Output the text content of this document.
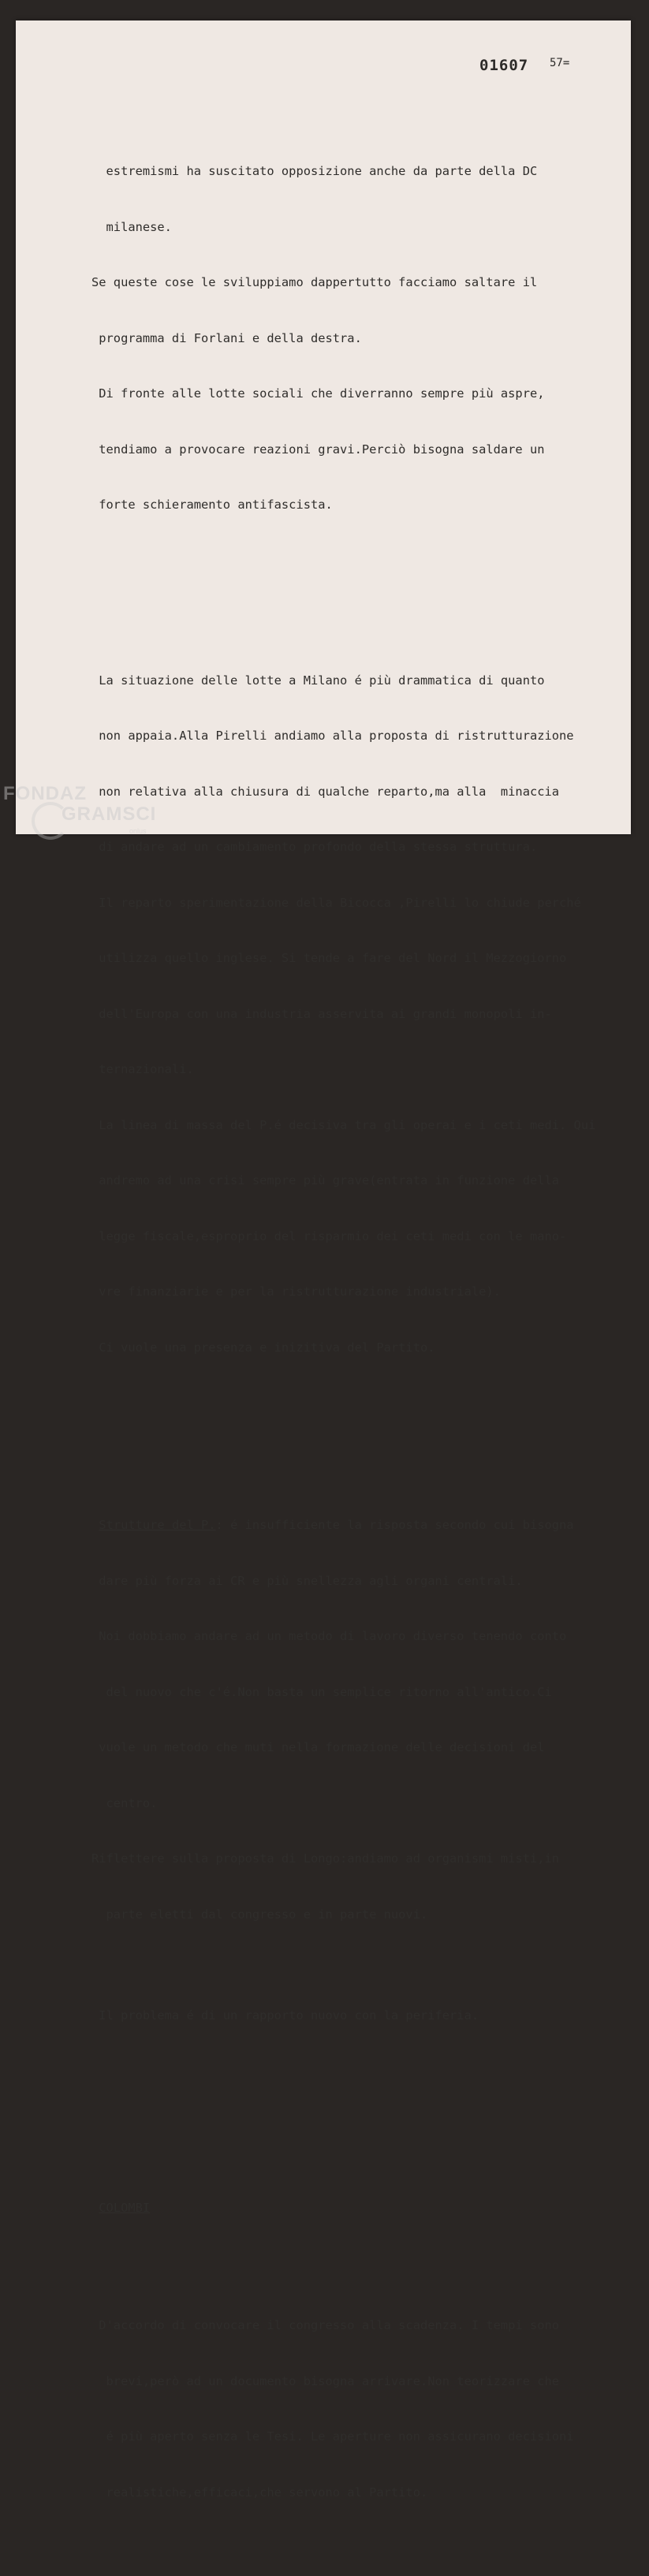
01607 57=

estremismi ha suscitato opposizione anche da parte della DC

milanese.

Se queste cose le sviluppiamo dappertutto facciamo saltare il

programma di Forlani e della destra.

Di fronte alle lotte sociali che diverranno sempre più aspre,

tendiamo a provocare reazioni gravi.Perciò bisogna saldare un

forte schieramento antifascista.

La situazione delle lotte a Milano é più drammatica di quanto

non appaia.Alla Pirelli andiamo alla proposta di ristrutturazione

non relativa alla chiusura di qualche reparto,ma alla  minaccia

di andare ad un cambiamento profondo della stessa struttura.

Il reparto sperimentazione della Bicocca ,Pirelli lo chiude perché

utilizza quello inglese. Si tende a fare del Nord il Mezzogiorno

dell'Europa con una industria asservita ai grandi monopoli in-

ternazionali.

La linea di massa del P.é decisiva tra gli operai e i ceti medi. Qui

andremo ad una crisi sempre più grave(entrata in funzione della

legge fiscale,esproprio del risparmio dei ceti medi con le mano-

vre finanziarie e per la ristrutturazione industriale).

Ci vuole una presenza e inizitiva del Partito.

Strutture del P.: é insufficiente la risposta secondo cui bisogna

dare più forza ai CR e più snellezza agli organi centrali.

Noi dobbiamo andare ad un metodo di lavoro diverso tenendo conto

del nuovo che c'é.Non basta un semplice ritorno all'antico.Ci

vuole un metodo che muti nella formazione delle decisioni del

centro.

Riflettere sulla proposta di Longo:andiamo ad organismi misti,in

parte eletti dal congresso e in parte nuovi.

Il problema é di un rapporto nuovo con la periferia.

COLOMBI

D'accordo di convocare il congresso alla scadenza. I tempi sono

brevi,però ad un documento bisogna arrivare.Non teorizzare che

é più aperto senza le Tesi. Le aperture non assicurano decisioni

realistiche,efficaci,che servono al Partito.

FONDAZ
GRAMSCI
onlus
